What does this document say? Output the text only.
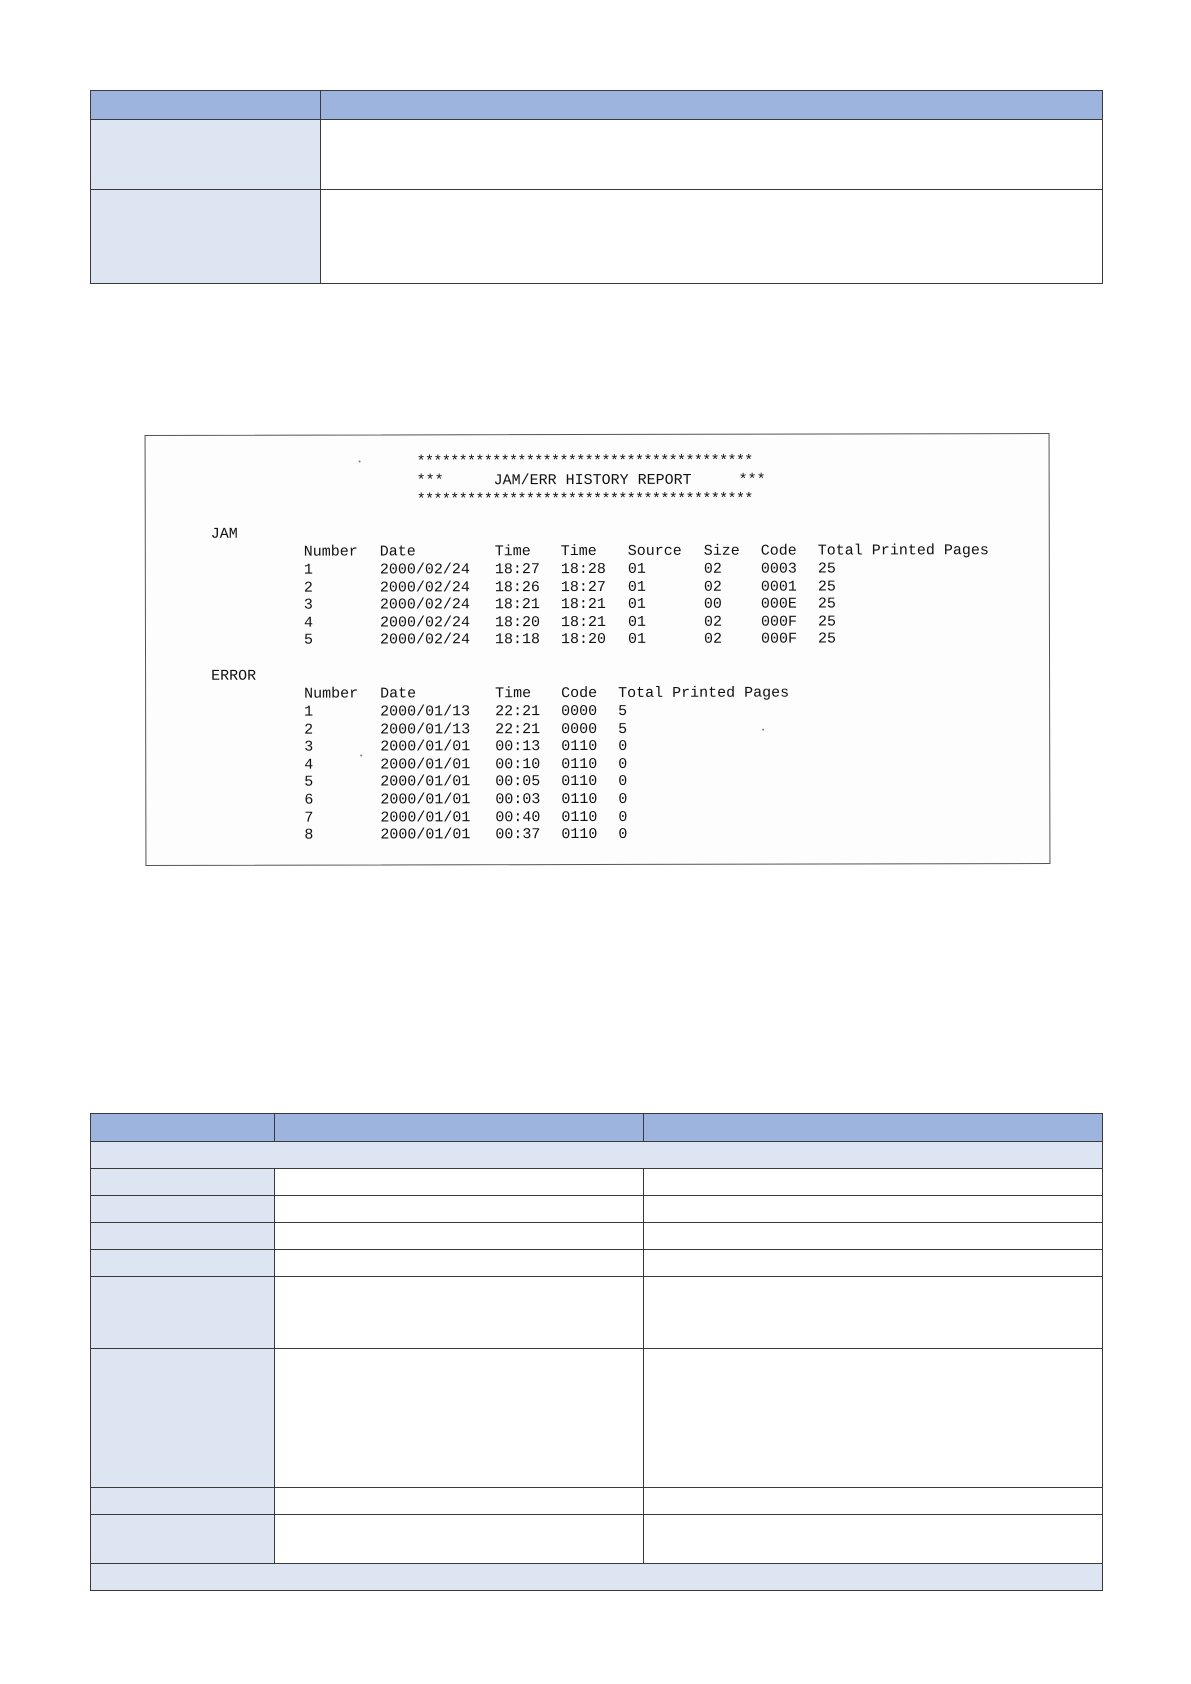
****************************************
***	JAM/ERR HISTORY REPORT	***
****************************************
JAM
Number Date	Time Time Source Size Code Total Printed Pages
1	2000/02/24 18:27 18:28 01	02	0003 25
2	2000/02/24 18:26 18:27 01	02	0001 25
3	2000/02/24 18:21 18:21 01	00	000E 25
4	2000/02/24 18:20 18:21 01	02	000F 25
5	2000/02/24 18:18 18:20 01	02	000F 25
ERROR
Number Date	Time Code Total Printed Pages
1	2000/01/13 22:21 0000 5
2	2000/01/13 22:21 0000 5
3	2000/01/01 00:13 0110 0
4	2000/01/01 00:10 0110 0
5	2000/01/01 00:05 0110 0
6	2000/01/01 00:03 0110 0
7	2000/01/01 00:40 0110 0
8	2000/01/01 00:37 0110 0
